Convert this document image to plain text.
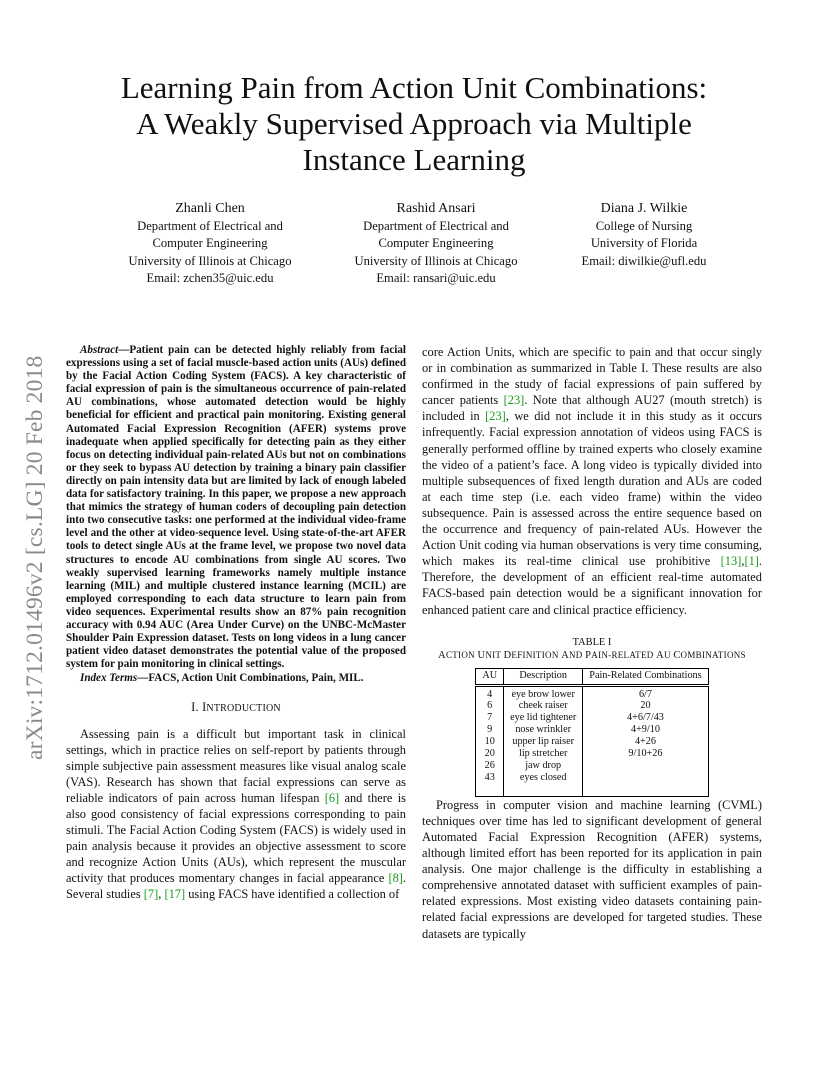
Learning Pain from Action Unit Combinations:
A Weakly Supervised Approach via Multiple
Instance Learning
Zhanli Chen
Department of Electrical and
Computer Engineering
University of Illinois at Chicago
Email: zchen35@uic.edu
Rashid Ansari
Department of Electrical and
Computer Engineering
University of Illinois at Chicago
Email: ransari@uic.edu
Diana J. Wilkie
College of Nursing
University of Florida
Email: diwilkie@ufl.edu
arXiv:1712.01496v2 [cs.LG] 20 Feb 2018

Abstract—Patient pain can be detected highly reliably from facial expressions using a set of facial muscle-based action units (AUs) defined by the Facial Action Coding System (FACS). A key characteristic of facial expression of pain is the simultaneous occurrence of pain-related AU combinations, whose automated detection would be highly beneficial for efficient and practical pain monitoring. Existing general Automated Facial Expression Recognition (AFER) systems prove inadequate when applied specifically for detecting pain as they either focus on detecting individual pain-related AUs but not on combinations or they seek to bypass AU detection by training a binary pain classifier directly on pain intensity data but are limited by lack of enough labeled data for satisfactory training. In this paper, we propose a new approach that mimics the strategy of human coders of decoupling pain detection into two consecutive tasks: one performed at the individual video-frame level and the other at video-sequence level. Using state-of-the-art AFER tools to detect single AUs at the frame level, we propose two novel data structures to encode AU combinations from single AU scores. Two weakly supervised learning frameworks namely multiple instance learning (MIL) and multiple clustered instance learning (MCIL) are employed corresponding to each data structure to learn pain from video sequences. Experimental results show an 87% pain recognition accuracy with 0.94 AUC (Area Under Curve) on the UNBC-McMaster Shoulder Pain Expression dataset. Tests on long videos in a lung cancer patient video dataset demonstrates the potential value of the proposed system for pain monitoring in clinical settings.

Index Terms—FACS, Action Unit Combinations, Pain, MIL.

I. INTRODUCTION

Assessing pain is a difficult but important task in clinical settings, which in practice relies on self-report by patients through simple subjective pain assessment measures like visual analog scale (VAS). Research has shown that facial expressions can serve as reliable indicators of pain across human lifespan [6] and there is also good consistency of facial expressions corresponding to pain stimuli. The Facial Action Coding System (FACS) is widely used in pain analysis because it provides an objective assessment to score and recognize Action Units (AUs), which represent the muscular activity that produces momentary changes in facial appearance [8]. Several studies [7], [17] using FACS have identified a collection of

core Action Units, which are specific to pain and that occur singly or in combination as summarized in Table I. These results are also confirmed in the study of facial expressions of pain suffered by cancer patients [23]. Note that although AU27 (mouth stretch) is included in [23], we did not include it in this study as it occurs infrequently. Facial expression annotation of videos using FACS is generally performed offline by trained experts who closely examine the video of a patient’s face. A long video is typically divided into multiple subsequences of fixed length duration and AUs are coded at each time step (i.e. each video frame) within the video subsequence. Pain is assessed across the entire sequence based on the occurrence and frequency of pain-related AUs. However the Action Unit coding via human observations is very time consuming, which makes its real-time clinical use prohibitive [13],[1]. Therefore, the development of an efficient real-time automated FACS-based pain detection would be a significant innovation for enhanced patient care and clinical practice efficiency.

TABLE I
ACTION UNIT DEFINITION AND PAIN-RELATED AU COMBINATIONS
AU	Description	Pain-Related Combinations
4	eye brow lower	6/7
6	cheek raiser	20
7	eye lid tightener	4+6/7/43
9	nose wrinkler	4+9/10
10	upper lip raiser	4+26
20	lip stretcher	9/10+26
26	jaw drop	
43	eyes closed	

Progress in computer vision and machine learning (CVML) techniques over time has led to significant development of general Automated Facial Expression Recognition (AFER) systems, although limited effort has been reported for its application in pain analysis. One major challenge is the difficulty in establishing a comprehensive annotated dataset with sufficient examples of pain-related expressions. Most existing video datasets containing pain-related facial expressions are developed for targeted studies. These datasets are typically
